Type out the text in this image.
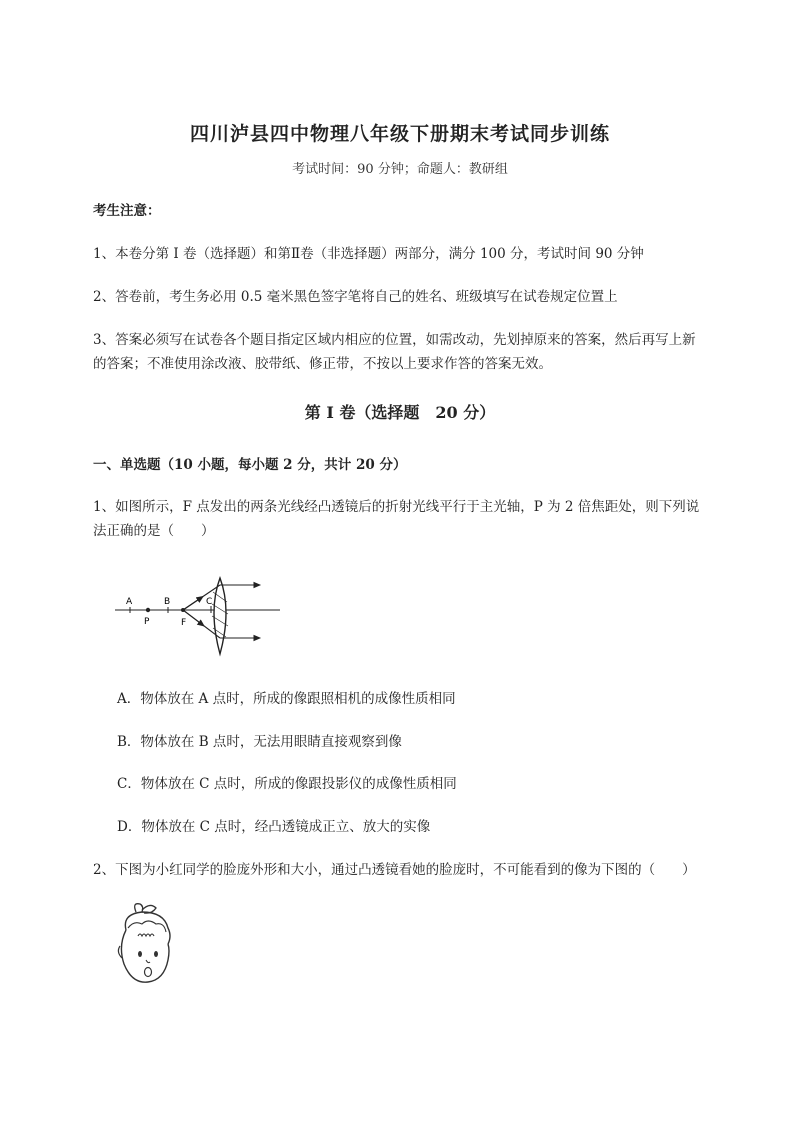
四川泸县四中物理八年级下册期末考试同步训练
考试时间：90 分钟；命题人：教研组
考生注意：
1、本卷分第 I 卷（选择题）和第Ⅱ卷（非选择题）两部分，满分 100 分，考试时间 90 分钟
2、答卷前，考生务必用 0.5 毫米黑色签字笔将自己的姓名、班级填写在试卷规定位置上
3、答案必须写在试卷各个题目指定区域内相应的位置，如需改动，先划掉原来的答案，然后再写上新
的答案；不准使用涂改液、胶带纸、修正带，不按以上要求作答的答案无效。
第 I 卷（选择题　20 分）
一、单选题（10 小题，每小题 2 分，共计 20 分）
1、如图所示，F 点发出的两条光线经凸透镜后的折射光线平行于主光轴，P 为 2 倍焦距处，则下列说
法正确的是（　　）
A	B	C
P	F
A．物体放在 A 点时，所成的像跟照相机的成像性质相同
B．物体放在 B 点时，无法用眼睛直接观察到像
C．物体放在 C 点时，所成的像跟投影仪的成像性质相同
D．物体放在 C 点时，经凸透镜成正立、放大的实像
2、下图为小红同学的脸庞外形和大小，通过凸透镜看她的脸庞时，不可能看到的像为下图的（　　）
